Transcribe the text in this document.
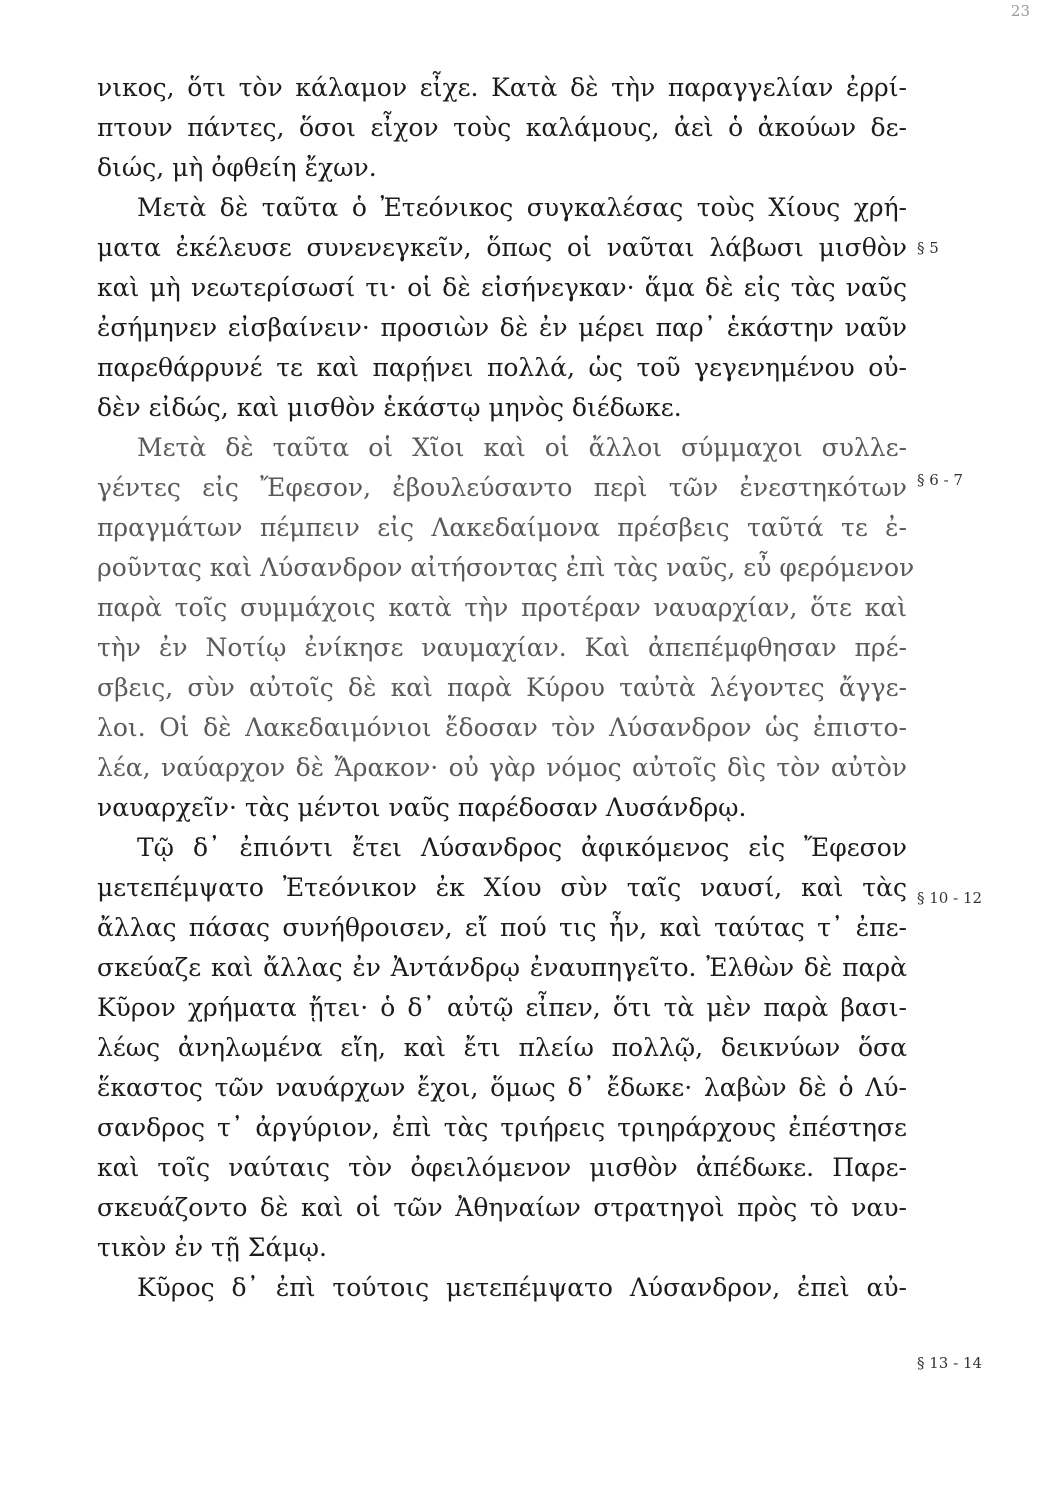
23
νικος, ὅτι τὸν κάλαμον εἶχε. Κατὰ δὲ τὴν παραγγελίαν ἐρρί-
πτουν πάντες, ὅσοι εἶχον τοὺς καλάμους, ἀεὶ ὁ ἀκούων δε-
διώς, μὴ ὀφθείη ἔχων.
Μετὰ δὲ ταῦτα ὁ Ἐτεόνικος συγκαλέσας τοὺς Χίους χρή-
ματα ἐκέλευσε συνενεγκεῖν, ὅπως οἱ ναῦται λάβωσι μισθὸν
καὶ μὴ νεωτερίσωσί τι· οἱ δὲ εἰσήνεγκαν· ἅμα δὲ εἰς τὰς ναῦς
ἐσήμηνεν εἰσβαίνειν· προσιὼν δὲ ἐν μέρει παρ᾽ ἑκάστην ναῦν
παρεθάρρυνέ τε καὶ παρῄνει πολλά, ὡς τοῦ γεγενημένου οὐ-
δὲν εἰδώς, καὶ μισθὸν ἑκάστῳ μηνὸς διέδωκε.
Μετὰ δὲ ταῦτα οἱ Χῖοι καὶ οἱ ἄλλοι σύμμαχοι συλλε-
γέντες εἰς Ἔφεσον, ἐβουλεύσαντο περὶ τῶν ἐνεστηκότων
πραγμάτων πέμπειν εἰς Λακεδαίμονα πρέσβεις ταῦτά τε ἐ-
ροῦντας καὶ Λύσανδρον αἰτήσοντας ἐπὶ τὰς ναῦς, εὖ φερόμενον
παρὰ τοῖς συμμάχοις κατὰ τὴν προτέραν ναυαρχίαν, ὅτε καὶ
τὴν ἐν Νοτίῳ ἐνίκησε ναυμαχίαν. Καὶ ἀπεπέμφθησαν πρέ-
σβεις, σὺν αὐτοῖς δὲ καὶ παρὰ Κύρου ταὐτὰ λέγοντες ἄγγε-
λοι. Οἱ δὲ Λακεδαιμόνιοι ἔδοσαν τὸν Λύσανδρον ὡς ἐπιστο-
λέα, ναύαρχον δὲ Ἄρακον· οὐ γὰρ νόμος αὐτοῖς δὶς τὸν αὐτὸν
ναυαρχεῖν· τὰς μέντοι ναῦς παρέδοσαν Λυσάνδρῳ.
Τῷ δ᾽ ἐπιόντι ἔτει Λύσανδρος ἀφικόμενος εἰς Ἔφεσον
μετεπέμψατο Ἐτεόνικον ἐκ Χίου σὺν ταῖς ναυσί, καὶ τὰς
ἄλλας πάσας συνήθροισεν, εἴ πού τις ἦν, καὶ ταύτας τ᾽ ἐπε-
σκεύαζε καὶ ἄλλας ἐν Ἀντάνδρῳ ἐναυπηγεῖτο. Ἐλθὼν δὲ παρὰ
Κῦρον χρήματα ᾔτει· ὁ δ᾽ αὐτῷ εἶπεν, ὅτι τὰ μὲν παρὰ βασι-
λέως ἀνηλωμένα εἴη, καὶ ἔτι πλείω πολλῷ, δεικνύων ὅσα
ἕκαστος τῶν ναυάρχων ἔχοι, ὅμως δ᾽ ἔδωκε· λαβὼν δὲ ὁ Λύ-
σανδρος τ᾽ ἀργύριον, ἐπὶ τὰς τριήρεις τριηράρχους ἐπέστησε
καὶ τοῖς ναύταις τὸν ὀφειλόμενον μισθὸν ἀπέδωκε. Παρε-
σκευάζοντο δὲ καὶ οἱ τῶν Ἀθηναίων στρατηγοὶ πρὸς τὸ ναυ-
τικὸν ἐν τῇ Σάμῳ.
Κῦρος δ᾽ ἐπὶ τούτοις μετεπέμψατο Λύσανδρον, ἐπεὶ αὐ-
§ 5
§ 6 - 7
§ 10 - 12
§ 13 - 14
